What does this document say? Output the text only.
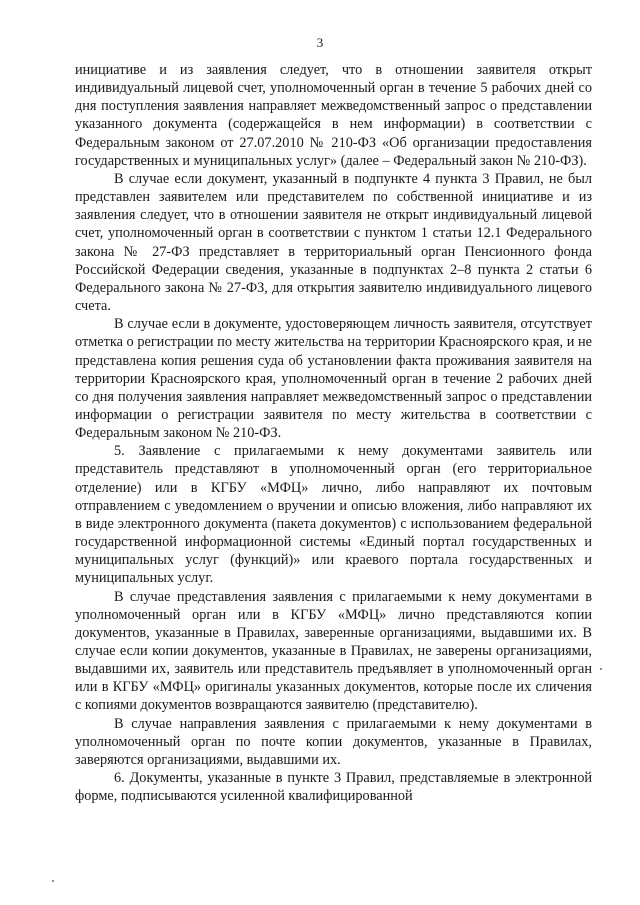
3

инициативе и из заявления следует, что в отношении заявителя открыт индивидуальный лицевой счет, уполномоченный орган в течение 5 рабочих дней со дня поступления заявления направляет межведомственный запрос о представлении указанного документа (содержащейся в нем информации) в соответствии с Федеральным законом от 27.07.2010 № 210-ФЗ «Об организации предоставления государственных и муниципальных услуг» (далее – Федеральный закон № 210-ФЗ).

В случае если документ, указанный в подпункте 4 пункта 3 Правил, не был представлен заявителем или представителем по собственной инициативе и из заявления следует, что в отношении заявителя не открыт индивидуальный лицевой счет, уполномоченный орган в соответствии с пунктом 1 статьи 12.1 Федерального закона № 27-ФЗ представляет в территориальный орган Пенсионного фонда Российской Федерации сведения, указанные в подпунктах 2–8 пункта 2 статьи 6 Федерального закона № 27-ФЗ, для открытия заявителю индивидуального лицевого счета.

В случае если в документе, удостоверяющем личность заявителя, отсутствует отметка о регистрации по месту жительства на территории Красноярского края, и не представлена копия решения суда об установлении факта проживания заявителя на территории Красноярского края, уполномоченный орган в течение 2 рабочих дней со дня получения заявления направляет межведомственный запрос о представлении информации о регистрации заявителя по месту жительства в соответствии с Федеральным законом № 210-ФЗ.

5. Заявление с прилагаемыми к нему документами заявитель или представитель представляют в уполномоченный орган (его территориальное отделение) или в КГБУ «МФЦ» лично, либо направляют их почтовым отправлением с уведомлением о вручении и описью вложения, либо направляют их в виде электронного документа (пакета документов) с использованием федеральной государственной информационной системы «Единый портал государственных и муниципальных услуг (функций)» или краевого портала государственных и муниципальных услуг.

В случае представления заявления с прилагаемыми к нему документами в уполномоченный орган или в КГБУ «МФЦ» лично представляются копии документов, указанные в Правилах, заверенные организациями, выдавшими их. В случае если копии документов, указанные в Правилах, не заверены организациями, выдавшими их, заявитель или представитель предъявляет в уполномоченный орган или в КГБУ «МФЦ» оригиналы указанных документов, которые после их сличения с копиями документов возвращаются заявителю (представителю).

В случае направления заявления с прилагаемыми к нему документами в уполномоченный орган по почте копии документов, указанные в Правилах, заверяются организациями, выдавшими их.

6. Документы, указанные в пункте 3 Правил, представляемые в электронной форме, подписываются усиленной квалифицированной
